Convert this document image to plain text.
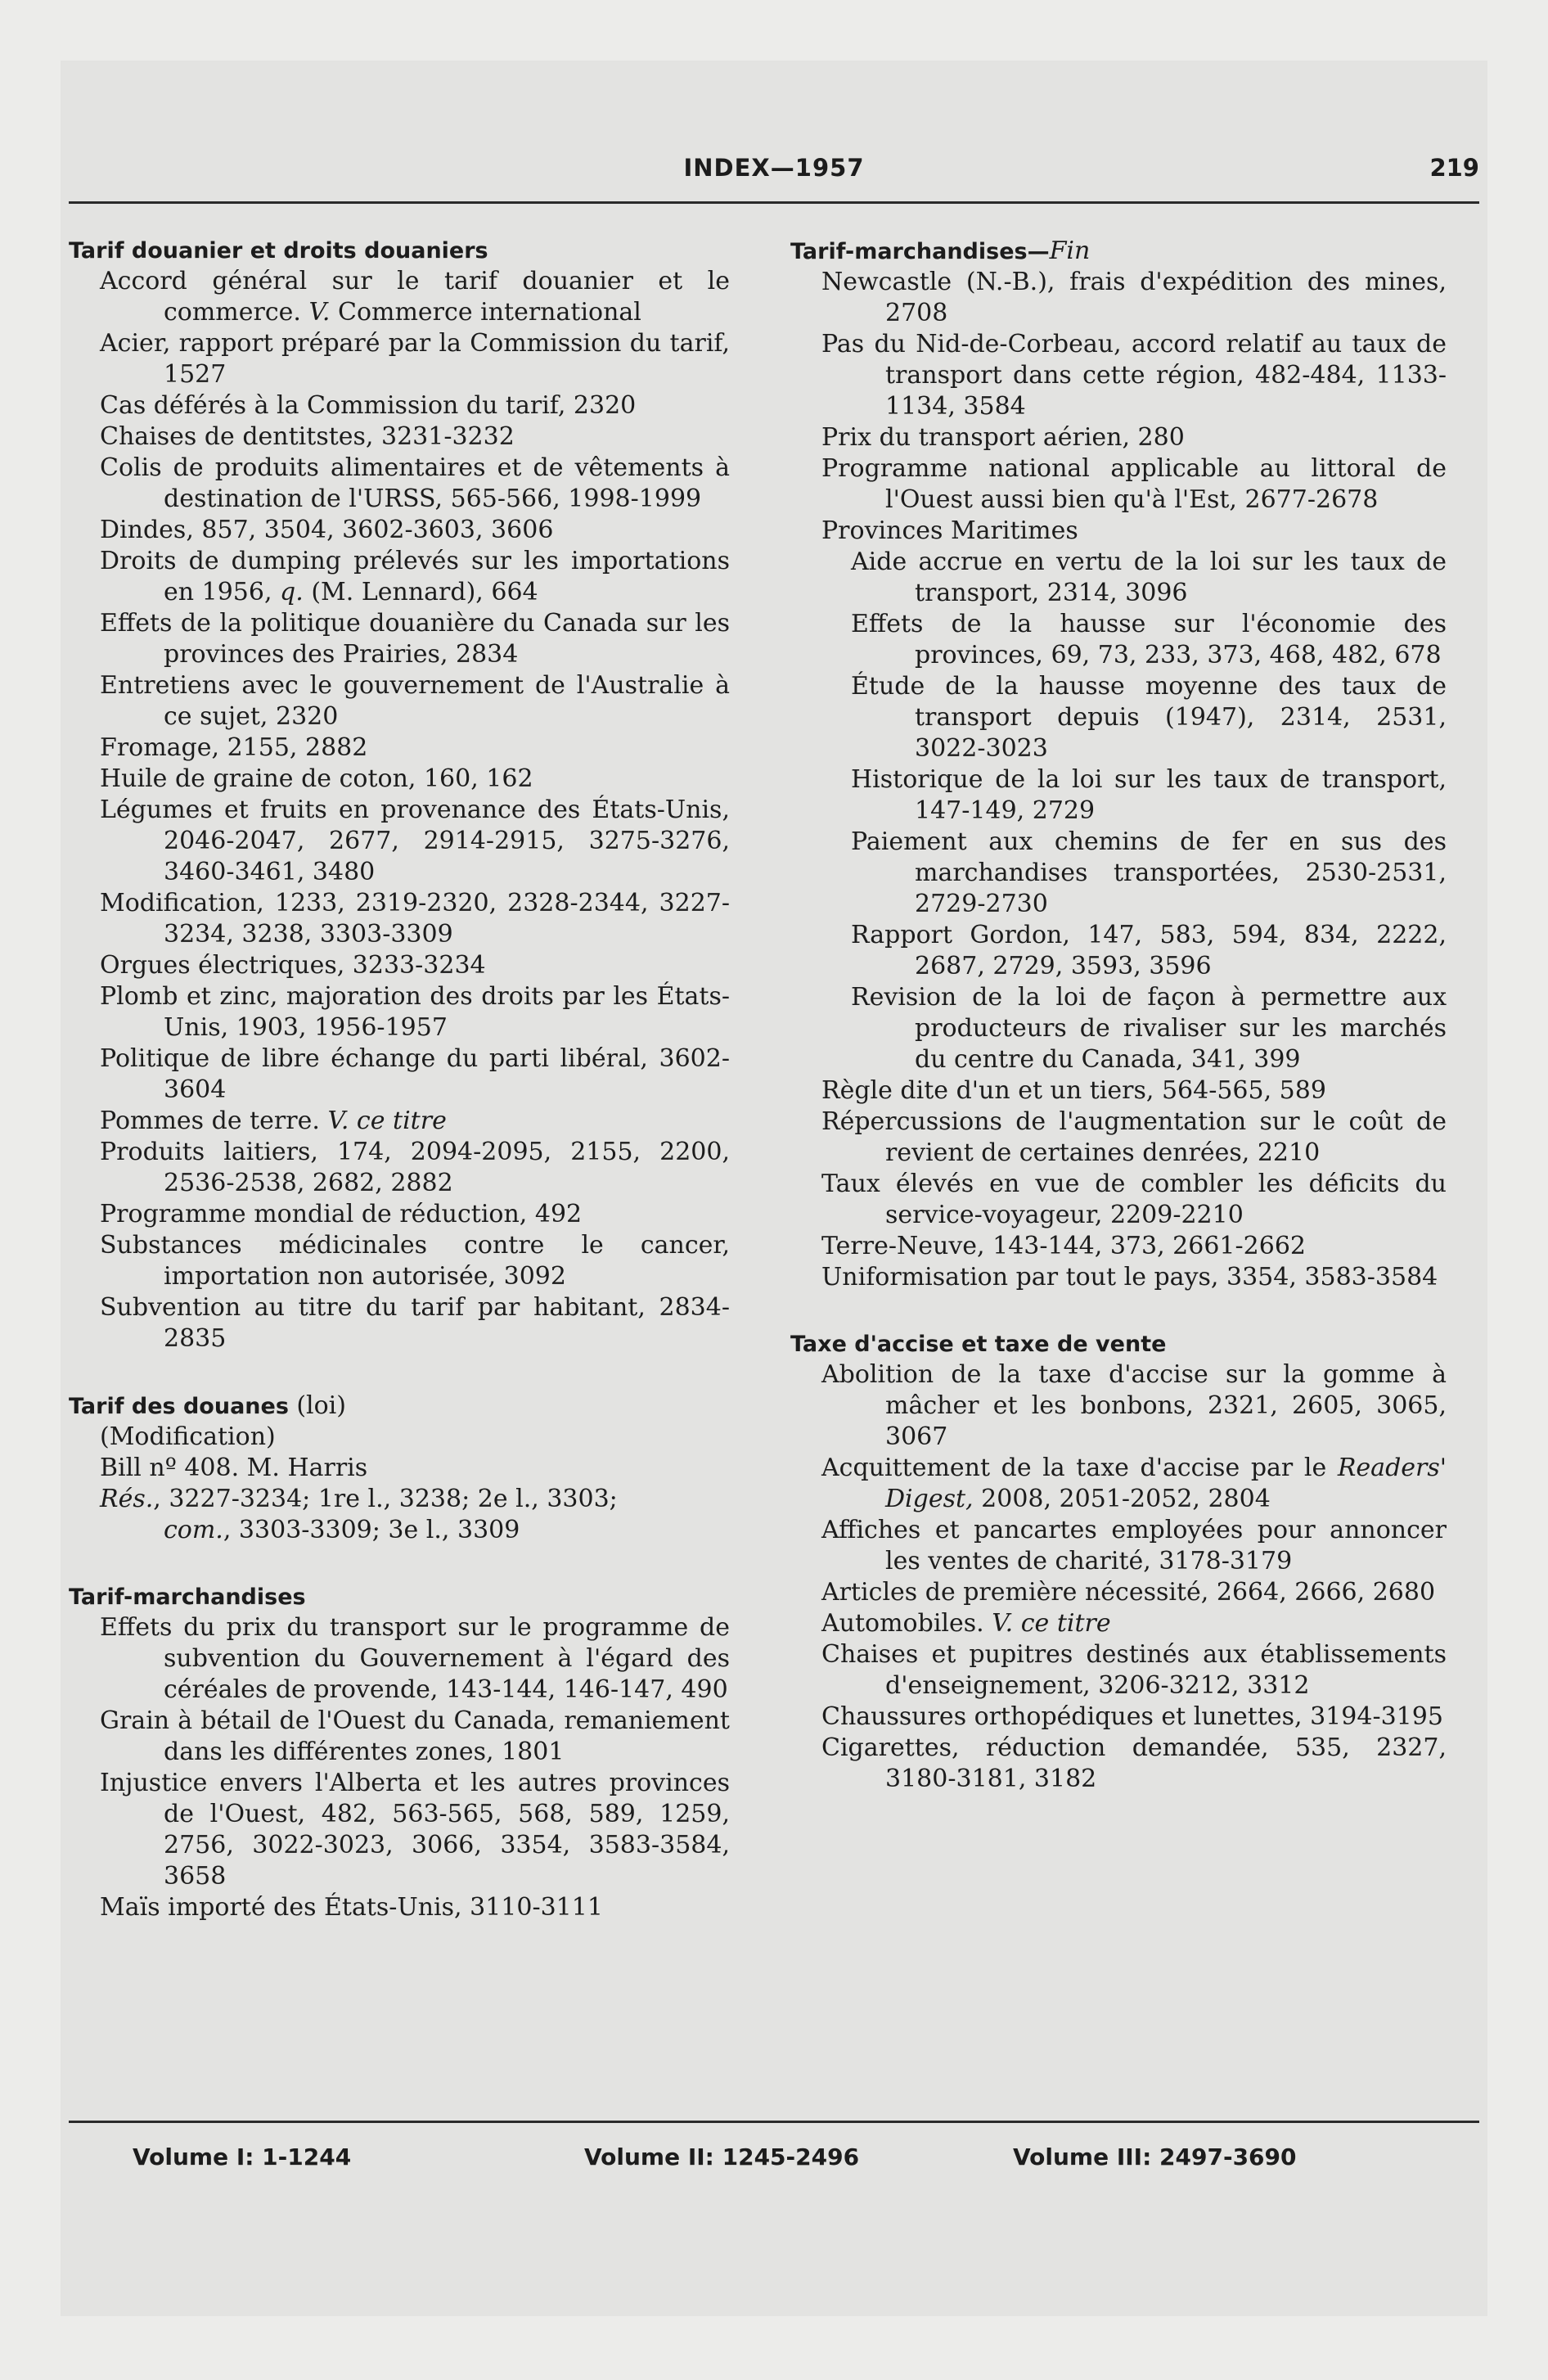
INDEX—1957	219

Tarif douanier et droits douaniers

Accord général sur le tarif douanier et le commerce. V. Commerce international

Acier, rapport préparé par la Commission du tarif, 1527

Cas déférés à la Commission du tarif, 2320

Chaises de dentitstes, 3231-3232

Colis de produits alimentaires et de vêtements à destination de l'URSS, 565-566, 1998-1999

Dindes, 857, 3504, 3602-3603, 3606

Droits de dumping prélevés sur les importations en 1956, q. (M. Lennard), 664

Effets de la politique douanière du Canada sur les provinces des Prairies, 2834

Entretiens avec le gouvernement de l'Australie à ce sujet, 2320

Fromage, 2155, 2882

Huile de graine de coton, 160, 162

Légumes et fruits en provenance des États-Unis, 2046-2047, 2677, 2914-2915, 3275-3276, 3460-3461, 3480

Modification, 1233, 2319-2320, 2328-2344, 3227-3234, 3238, 3303-3309

Orgues électriques, 3233-3234

Plomb et zinc, majoration des droits par les États-Unis, 1903, 1956-1957

Politique de libre échange du parti libéral, 3602-3604

Pommes de terre. V. ce titre

Produits laitiers, 174, 2094-2095, 2155, 2200, 2536-2538, 2682, 2882

Programme mondial de réduction, 492

Substances médicinales contre le cancer, importation non autorisée, 3092

Subvention au titre du tarif par habitant, 2834-2835

Tarif des douanes (loi)

(Modification)

Bill nº 408. M. Harris

Rés., 3227-3234; 1re l., 3238; 2e l., 3303;

com., 3303-3309; 3e l., 3309

Tarif-marchandises

Effets du prix du transport sur le programme de subvention du Gouvernement à l'égard des céréales de provende, 143-144, 146-147, 490

Grain à bétail de l'Ouest du Canada, remaniement dans les différentes zones, 1801

Injustice envers l'Alberta et les autres provinces de l'Ouest, 482, 563-565, 568, 589, 1259, 2756, 3022-3023, 3066, 3354, 3583-3584, 3658

Maïs importé des États-Unis, 3110-3111

Tarif-marchandises—Fin

Newcastle (N.-B.), frais d'expédition des mines, 2708

Pas du Nid-de-Corbeau, accord relatif au taux de transport dans cette région, 482-484, 1133-1134, 3584

Prix du transport aérien, 280

Programme national applicable au littoral de l'Ouest aussi bien qu'à l'Est, 2677-2678

Provinces Maritimes

Aide accrue en vertu de la loi sur les taux de transport, 2314, 3096

Effets de la hausse sur l'économie des provinces, 69, 73, 233, 373, 468, 482, 678

Étude de la hausse moyenne des taux de transport depuis (1947), 2314, 2531, 3022-3023

Historique de la loi sur les taux de transport, 147-149, 2729

Paiement aux chemins de fer en sus des marchandises transportées, 2530-2531, 2729-2730

Rapport Gordon, 147, 583, 594, 834, 2222, 2687, 2729, 3593, 3596

Revision de la loi de façon à permettre aux producteurs de rivaliser sur les marchés du centre du Canada, 341, 399

Règle dite d'un et un tiers, 564-565, 589

Répercussions de l'augmentation sur le coût de revient de certaines denrées, 2210

Taux élevés en vue de combler les déficits du service-voyageur, 2209-2210

Terre-Neuve, 143-144, 373, 2661-2662

Uniformisation par tout le pays, 3354, 3583-3584

Taxe d'accise et taxe de vente

Abolition de la taxe d'accise sur la gomme à mâcher et les bonbons, 2321, 2605, 3065, 3067

Acquittement de la taxe d'accise par le Readers' Digest, 2008, 2051-2052, 2804

Affiches et pancartes employées pour annoncer les ventes de charité, 3178-3179

Articles de première nécessité, 2664, 2666, 2680

Automobiles. V. ce titre

Chaises et pupitres destinés aux établissements d'enseignement, 3206-3212, 3312

Chaussures orthopédiques et lunettes, 3194-3195

Cigarettes, réduction demandée, 535, 2327, 3180-3181, 3182

Volume I: 1-1244	Volume II: 1245-2496	Volume III: 2497-3690
